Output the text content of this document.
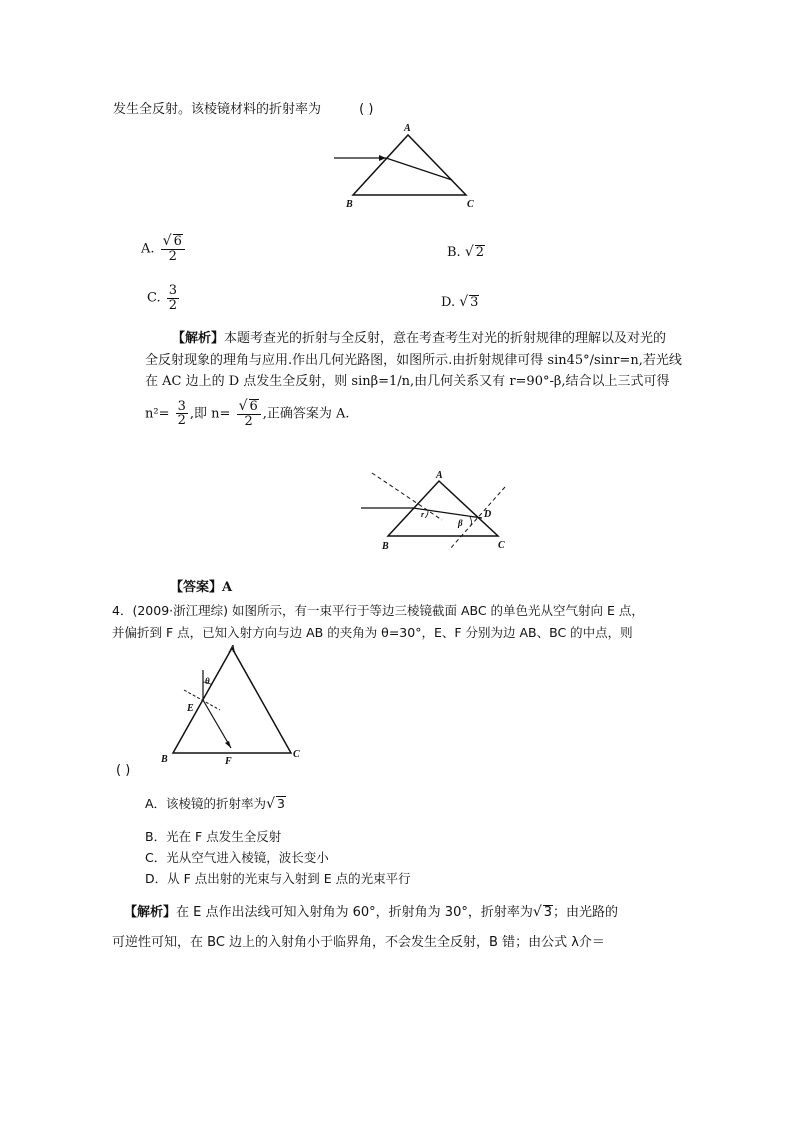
发生全反射。该棱镜材料的折射率为	( )
A
B	C
A. $\frac{√ 6}{2}$	B. √ 2
C. $\frac{3}{2}$	D. √ 3
【解析】本题考查光的折射与全反射，意在考查考生对光的折射规律的理解以及对光的
全反射现象的理角与应用.作出几何光路图，如图所示.由折射规律可得 sin45°/sinr=n,若光线
在 AC 边上的 D 点发生全反射，则 sinβ=1/n,由几何关系又有 r=90°-β,结合以上三式可得
$n^2= \frac{3}{2}$ ,即 $n= \frac{√ 6}{2}$ ,正确答案为 A.
A
B	C
D
r
β
【答案】A
4．(2009·浙江理综) 如图所示，有一束平行于等边三棱镜截面 ABC 的单色光从空气射向 E 点，
并偏折到 F 点，已知入射方向与边 AB 的夹角为 θ=30°，E、F 分别为边 AB、BC 的中点，则
A
B	C
E
F
θ
( )
A．该棱镜的折射率为√ 3
B．光在 F 点发生全反射
C．光从空气进入棱镜，波长变小
D．从 F 点出射的光束与入射到 E 点的光束平行
【解析】在 E 点作出法线可知入射角为 60°，折射角为 30°，折射率为√ 3；由光路的
可逆性可知，在 BC 边上的入射角小于临界角，不会发生全反射，B 错；由公式 λ介＝
